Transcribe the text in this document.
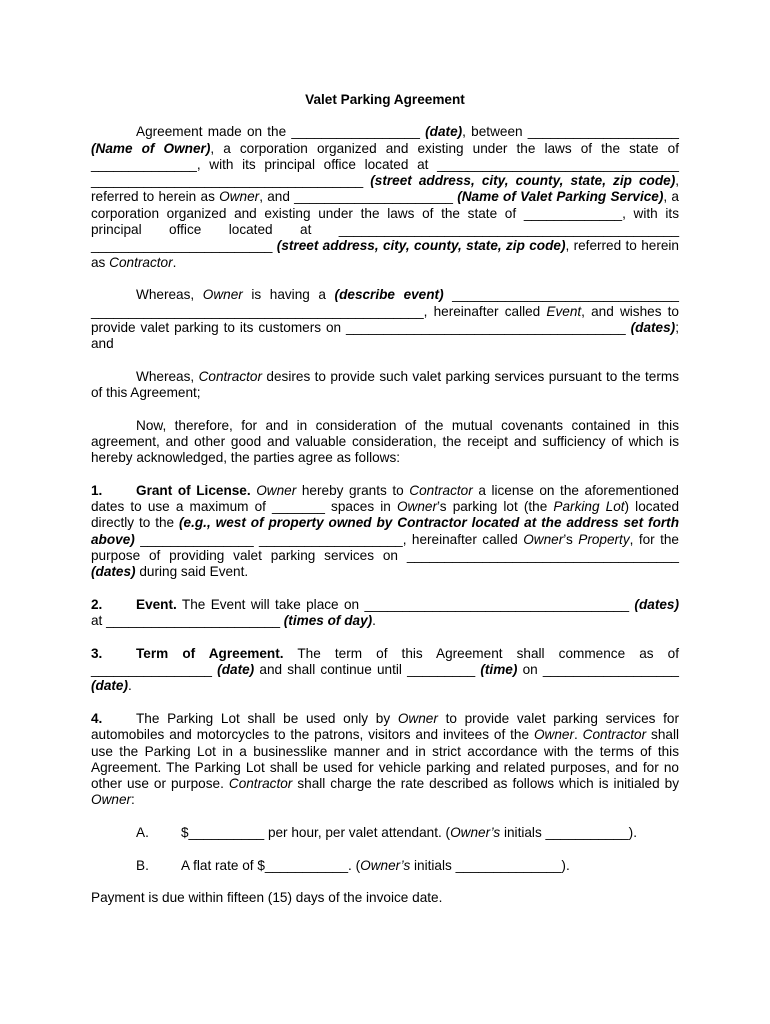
Valet Parking Agreement

Agreement made on the _________________ (date), between ____________________ (Name of Owner), a corporation organized and existing under the laws of the state of ______________, with its principal office located at ________________________________ ____________________________________ (street address, city, county, state, zip code), referred to herein as Owner, and _____________________ (Name of Valet Parking Service), a corporation organized and existing under the laws of the state of _____________, with its principal office located at _____________________________________________ ________________________ (street address, city, county, state, zip code), referred to herein as Contractor.

Whereas, Owner is having a (describe event) ______________________________ ____________________________________________, hereinafter called Event, and wishes to provide valet parking to its customers on _____________________________________ (dates); and

Whereas, Contractor desires to provide such valet parking services pursuant to the terms of this Agreement;

Now, therefore, for and in consideration of the mutual covenants contained in this agreement, and other good and valuable consideration, the receipt and sufficiency of which is hereby acknowledged, the parties agree as follows:

1. Grant of License. Owner hereby grants to Contractor a license on the aforementioned dates to use a maximum of _______ spaces in Owner’s parking lot (the Parking Lot) located directly to the (e.g., west of property owned by Contractor located at the address set forth above) _______________ ___________________, hereinafter called Owner’s Property, for the purpose of providing valet parking services on ____________________________________ (dates) during said Event.

2. Event. The Event will take place on ___________________________________ (dates) at _______________________ (times of day).

3. Term of Agreement. The term of this Agreement shall commence as of ________________ (date) and shall continue until _________ (time) on __________________ (date).

4. The Parking Lot shall be used only by Owner to provide valet parking services for automobiles and motorcycles to the patrons, visitors and invitees of the Owner. Contractor shall use the Parking Lot in a businesslike manner and in strict accordance with the terms of this Agreement. The Parking Lot shall be used for vehicle parking and related purposes, and for no other use or purpose. Contractor shall charge the rate described as follows which is initialed by Owner:

A. $__________ per hour, per valet attendant. (Owner’s initials ___________).
B. A flat rate of $___________. (Owner’s initials ______________).

Payment is due within fifteen (15) days of the invoice date.
